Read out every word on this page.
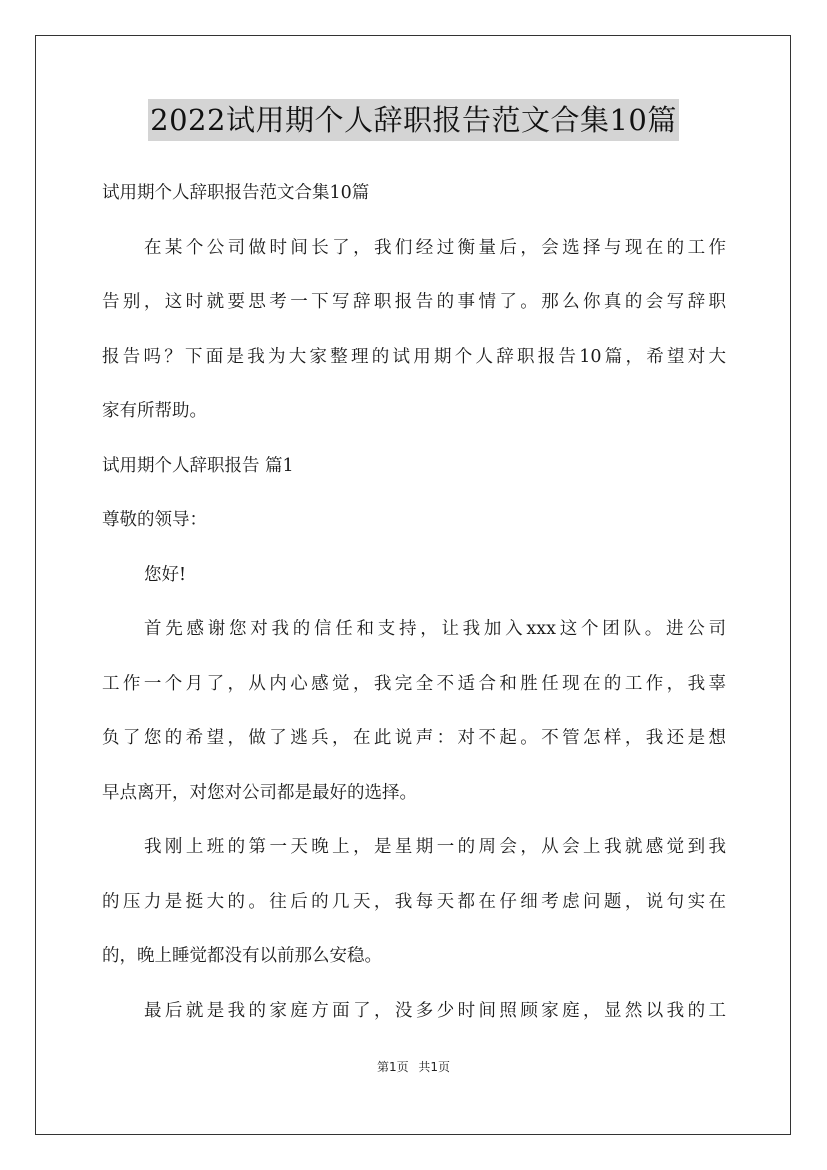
2022试用期个人辞职报告范文合集10篇
试用期个人辞职报告范文合集10篇
在某个公司做时间长了，我们经过衡量后，会选择与现在的工作
告别，这时就要思考一下写辞职报告的事情了。那么你真的会写辞职
报告吗？下面是我为大家整理的试用期个人辞职报告10篇，希望对大
家有所帮助。
试用期个人辞职报告 篇1
尊敬的领导：
您好!
首先感谢您对我的信任和支持，让我加入xxx这个团队。进公司
工作一个月了，从内心感觉，我完全不适合和胜任现在的工作，我辜
负了您的希望，做了逃兵，在此说声：对不起。不管怎样，我还是想
早点离开，对您对公司都是最好的选择。
我刚上班的第一天晚上，是星期一的周会，从会上我就感觉到我
的压力是挺大的。往后的几天，我每天都在仔细考虑问题，说句实在
的，晚上睡觉都没有以前那么安稳。
最后就是我的家庭方面了，没多少时间照顾家庭，显然以我的工
第1页 共1页
